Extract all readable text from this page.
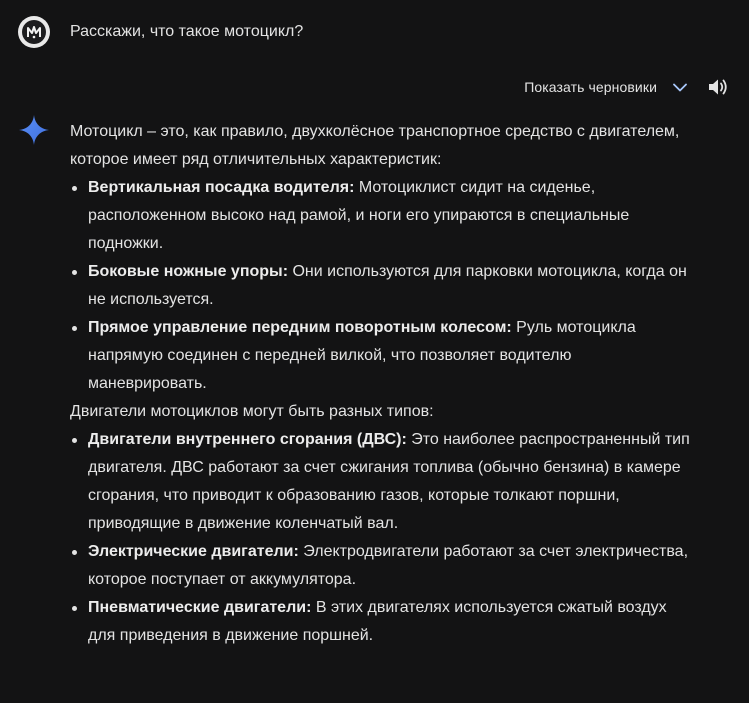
Расскажи, что такое мотоцикл?
Показать черновики

Мотоцикл – это, как правило, двухколёсное транспортное средство с двигателем, которое имеет ряд отличительных характеристик:

Вертикальная посадка водителя: Мотоциклист сидит на сиденье, расположенном высоко над рамой, и ноги его упираются в специальные подножки.
Боковые ножные упоры: Они используются для парковки мотоцикла, когда он не используется.
Прямое управление передним поворотным колесом: Руль мотоцикла напрямую соединен с передней вилкой, что позволяет водителю маневрировать.

Двигатели мотоциклов могут быть разных типов:

Двигатели внутреннего сгорания (ДВС): Это наиболее распространенный тип двигателя. ДВС работают за счет сжигания топлива (обычно бензина) в камере сгорания, что приводит к образованию газов, которые толкают поршни, приводящие в движение коленчатый вал.
Электрические двигатели: Электродвигатели работают за счет электричества, которое поступает от аккумулятора.
Пневматические двигатели: В этих двигателях используется сжатый воздух для приведения в движение поршней.
